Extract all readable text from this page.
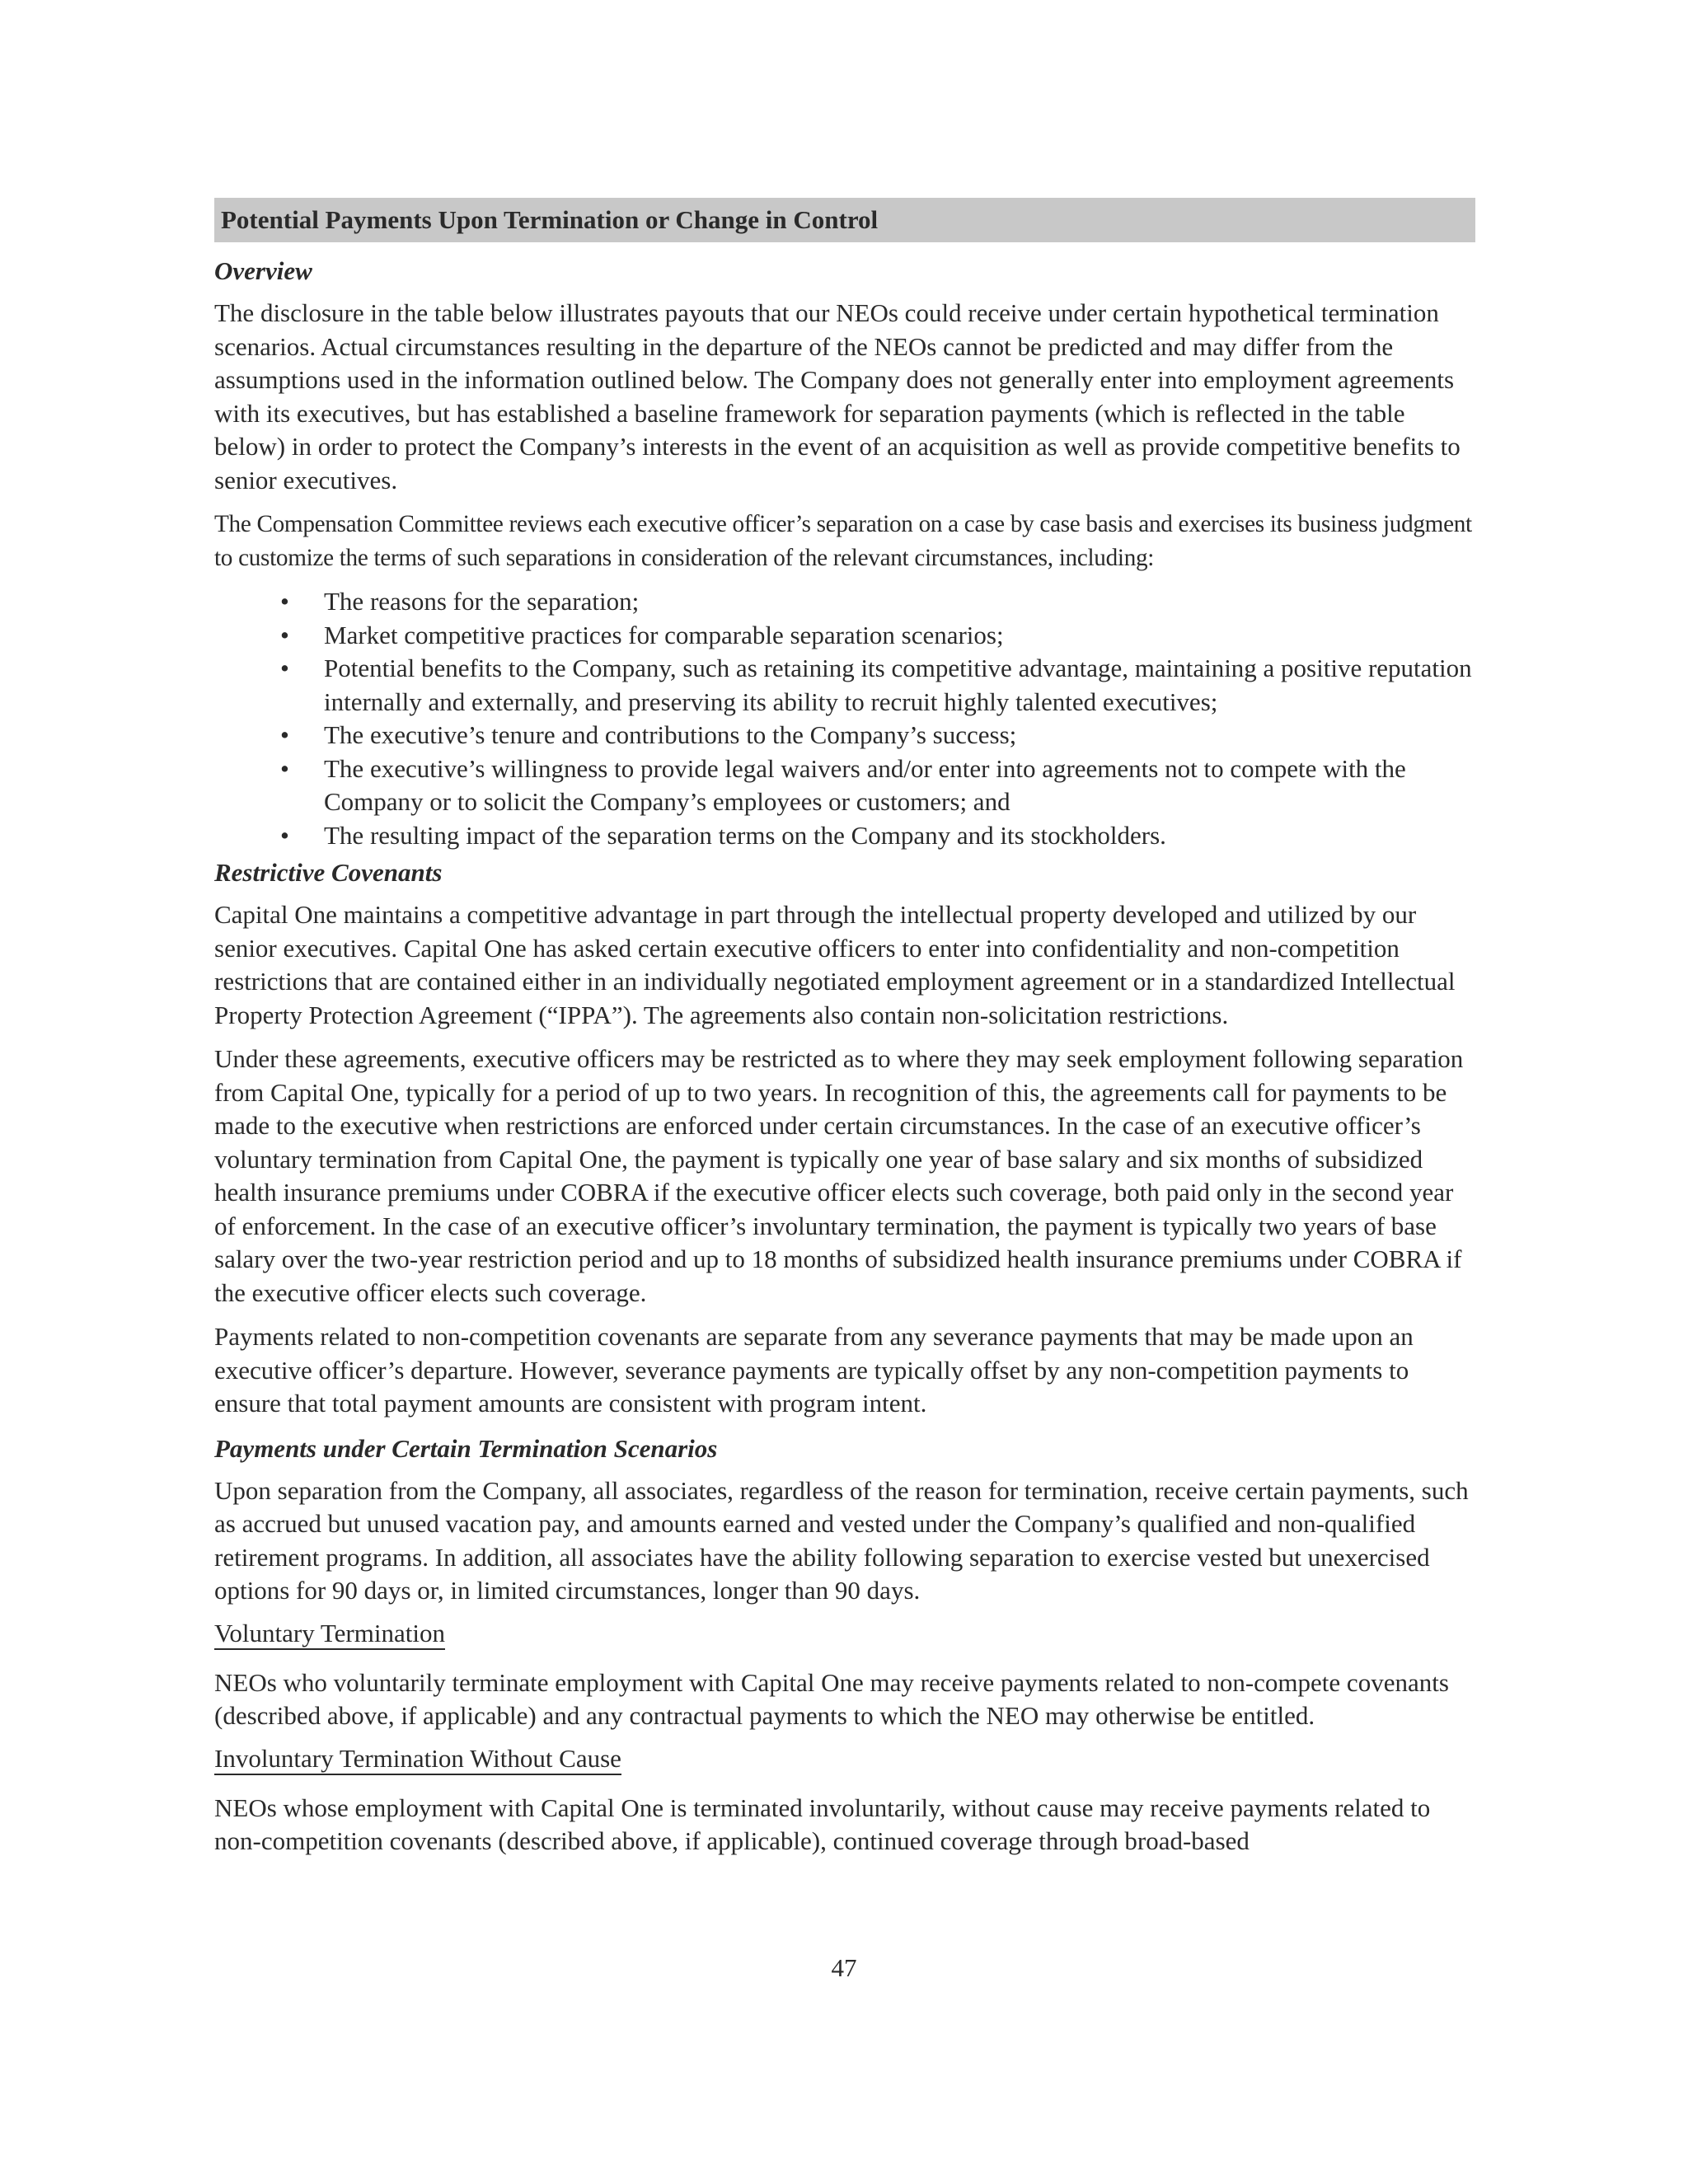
Potential Payments Upon Termination or Change in Control
Overview

The disclosure in the table below illustrates payouts that our NEOs could receive under certain hypothetical termination scenarios. Actual circumstances resulting in the departure of the NEOs cannot be predicted and may differ from the assumptions used in the information outlined below. The Company does not generally enter into employment agreements with its executives, but has established a baseline framework for separation payments (which is reflected in the table below) in order to protect the Company’s interests in the event of an acquisition as well as provide competitive benefits to senior executives.

The Compensation Committee reviews each executive officer’s separation on a case by case basis and exercises its business judgment to customize the terms of such separations in consideration of the relevant circumstances, including:

• The reasons for the separation;
• Market competitive practices for comparable separation scenarios;
• Potential benefits to the Company, such as retaining its competitive advantage, maintaining a positive reputation internally and externally, and preserving its ability to recruit highly talented executives;
• The executive’s tenure and contributions to the Company’s success;
• The executive’s willingness to provide legal waivers and/or enter into agreements not to compete with the Company or to solicit the Company’s employees or customers; and
• The resulting impact of the separation terms on the Company and its stockholders.
Restrictive Covenants

Capital One maintains a competitive advantage in part through the intellectual property developed and utilized by our senior executives. Capital One has asked certain executive officers to enter into confidentiality and non-competition restrictions that are contained either in an individually negotiated employment agreement or in a standardized Intellectual Property Protection Agreement (“IPPA”). The agreements also contain non-solicitation restrictions.

Under these agreements, executive officers may be restricted as to where they may seek employment following separation from Capital One, typically for a period of up to two years. In recognition of this, the agreements call for payments to be made to the executive when restrictions are enforced under certain circumstances. In the case of an executive officer’s voluntary termination from Capital One, the payment is typically one year of base salary and six months of subsidized health insurance premiums under COBRA if the executive officer elects such coverage, both paid only in the second year of enforcement. In the case of an executive officer’s involuntary termination, the payment is typically two years of base salary over the two-year restriction period and up to 18 months of subsidized health insurance premiums under COBRA if the executive officer elects such coverage.

Payments related to non-competition covenants are separate from any severance payments that may be made upon an executive officer’s departure. However, severance payments are typically offset by any non-competition payments to ensure that total payment amounts are consistent with program intent.

Payments under Certain Termination Scenarios

Upon separation from the Company, all associates, regardless of the reason for termination, receive certain payments, such as accrued but unused vacation pay, and amounts earned and vested under the Company’s qualified and non-qualified retirement programs. In addition, all associates have the ability following separation to exercise vested but unexercised options for 90 days or, in limited circumstances, longer than 90 days.

Voluntary Termination

NEOs who voluntarily terminate employment with Capital One may receive payments related to non-compete covenants (described above, if applicable) and any contractual payments to which the NEO may otherwise be entitled.

Involuntary Termination Without Cause

NEOs whose employment with Capital One is terminated involuntarily, without cause may receive payments related to non-competition covenants (described above, if applicable), continued coverage through broad-based

47
